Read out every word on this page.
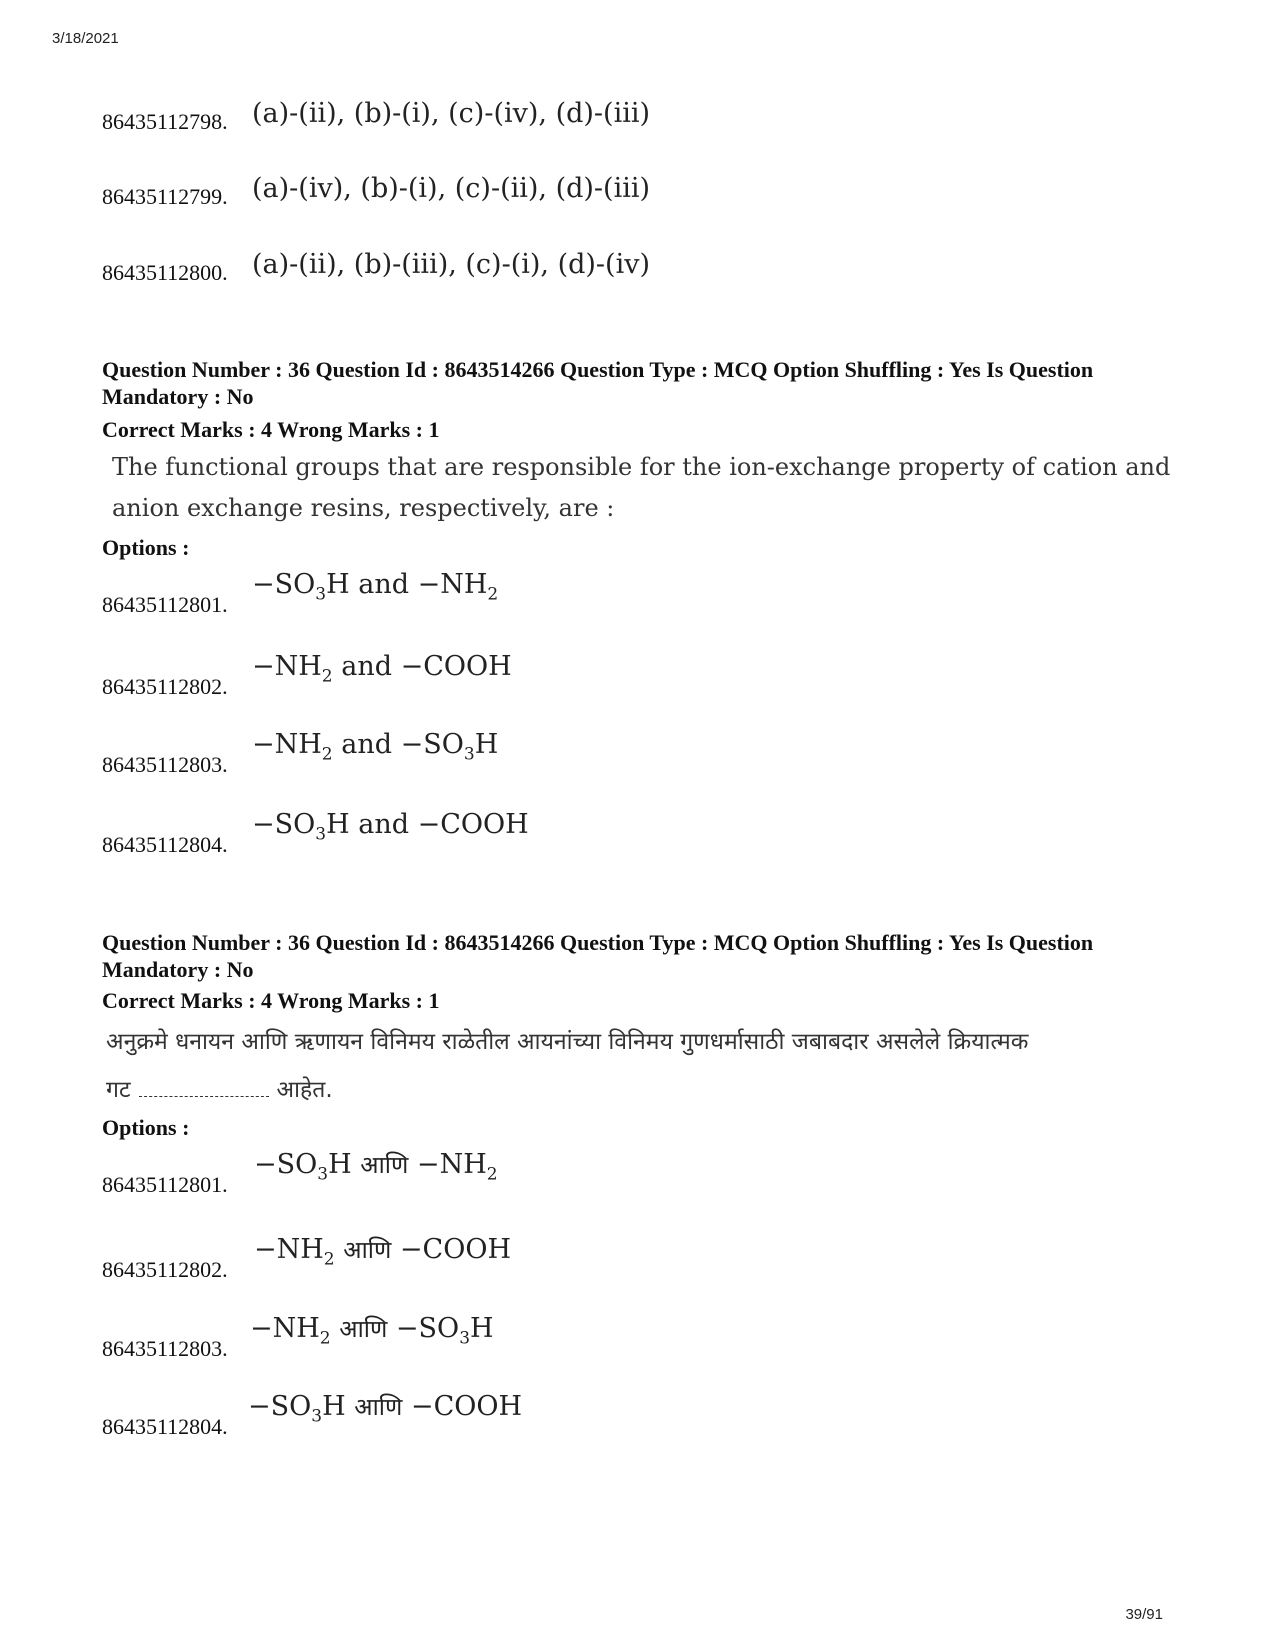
3/18/2021
86435112798. (a)-(ii), (b)-(i), (c)-(iv), (d)-(iii)
86435112799. (a)-(iv), (b)-(i), (c)-(ii), (d)-(iii)
86435112800. (a)-(ii), (b)-(iii), (c)-(i), (d)-(iv)
Question Number : 36 Question Id : 8643514266 Question Type : MCQ Option Shuffling : Yes Is Question Mandatory : No
Correct Marks : 4 Wrong Marks : 1
The functional groups that are responsible for the ion-exchange property of cation and anion exchange resins, respectively, are :
Options :
86435112801.
$-SO_3H$ and $-NH_2$
86435112802.
$-NH_2$ and −COOH
86435112803.
$-NH_2$ and $-SO_3H$
86435112804.
$-SO_3H$ and −COOH
Question Number : 36 Question Id : 8643514266 Question Type : MCQ Option Shuffling : Yes Is Question Mandatory : No
Correct Marks : 4 Wrong Marks : 1
अनुक्रमे धनायन आणि ऋणायन विनिमय राळेतील आयनांच्या विनिमय गुणधर्मासाठी जबाबदार असलेले क्रियात्मक
गट	आहेत.
Options :
86435112801.
$-SO_3H$ आणि $-NH_2$
86435112802.
$-NH_2$ आणि −COOH
86435112803.
$-NH_2$ आणि $-SO_3H$
86435112804.
$-SO_3H$ आणि −COOH
39/91
